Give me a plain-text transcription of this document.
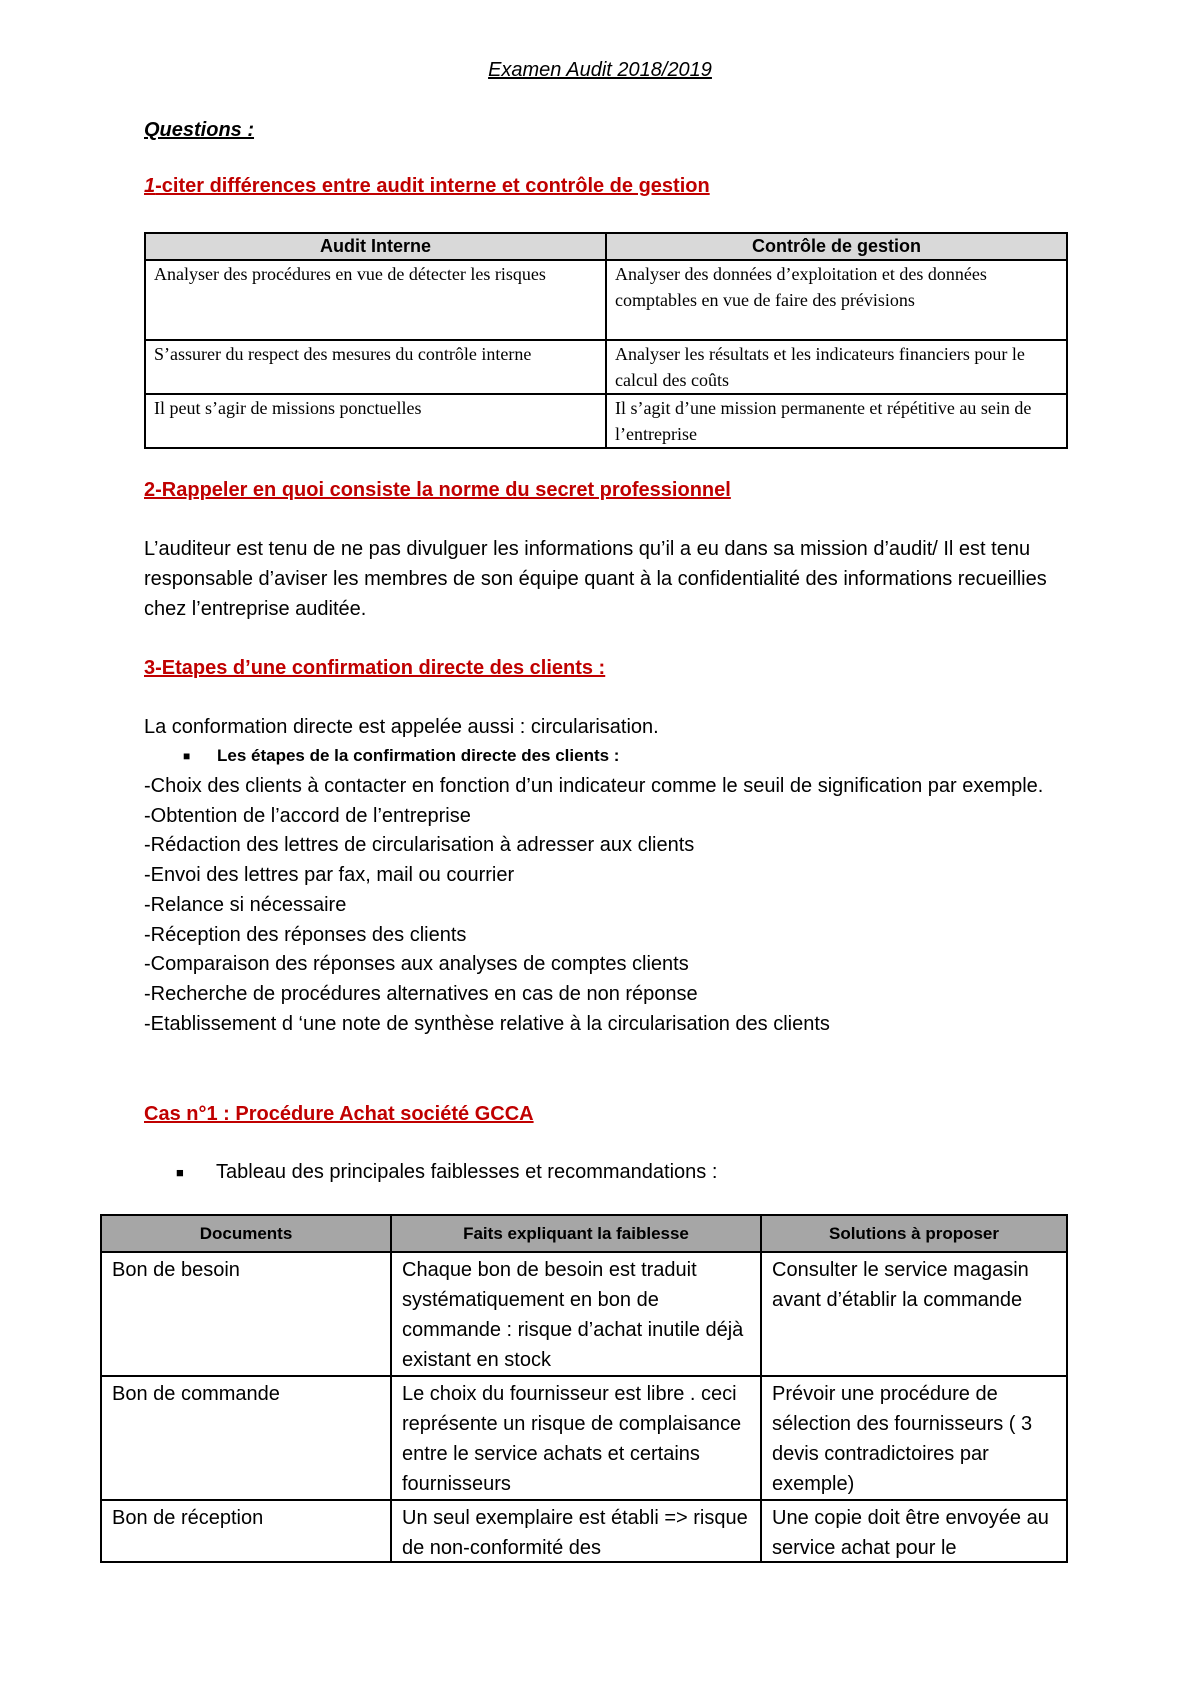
Examen Audit 2018/2019
Questions :
1-citer différences entre audit interne et contrôle de gestion
Audit Interne	Contrôle de gestion
Analyser des procédures en vue de détecter les risques	Analyser des données d’exploitation et des données comptables en vue de faire des prévisions
S’assurer du respect des mesures du contrôle interne	Analyser les résultats et les indicateurs financiers pour le calcul des coûts
Il peut s’agir de missions ponctuelles	Il s’agit d’une mission permanente et répétitive au sein de l’entreprise
2-Rappeler en quoi consiste la norme du secret professionnel
L’auditeur est tenu de ne pas divulguer les informations qu’il a eu dans sa mission d’audit/ Il est tenu responsable d’aviser les membres de son équipe quant à la confidentialité des informations recueillies chez l’entreprise auditée.
3-Etapes d’une confirmation directe des clients :
La conformation directe est appelée aussi : circularisation.
■ Les étapes de la confirmation directe des clients :
-Choix des clients à contacter en fonction d’un indicateur comme le seuil de signification par exemple.
-Obtention de l’accord de l’entreprise
-Rédaction des lettres de circularisation à adresser aux clients
-Envoi des lettres par fax, mail ou courrier
-Relance si nécessaire
-Réception des réponses des clients
-Comparaison des réponses aux analyses de comptes clients
-Recherche de procédures alternatives en cas de non réponse
-Etablissement d ‘une note de synthèse relative à la circularisation des clients
Cas n°1 : Procédure Achat société GCCA
■ Tableau des principales faiblesses et recommandations :
Documents	Faits expliquant la faiblesse	Solutions à proposer
Bon de besoin	Chaque bon de besoin est traduit systématiquement en bon de commande : risque d’achat inutile déjà existant en stock	Consulter le service magasin avant d’établir la commande
Bon de commande	Le choix du fournisseur est libre . ceci représente un risque de complaisance entre le service achats et certains fournisseurs	Prévoir une procédure de sélection des fournisseurs ( 3 devis contradictoires par exemple)

Bon de réception	Un seul exemplaire est établi => risque de non-conformité des	Une copie doit être envoyée au service achat pour le
